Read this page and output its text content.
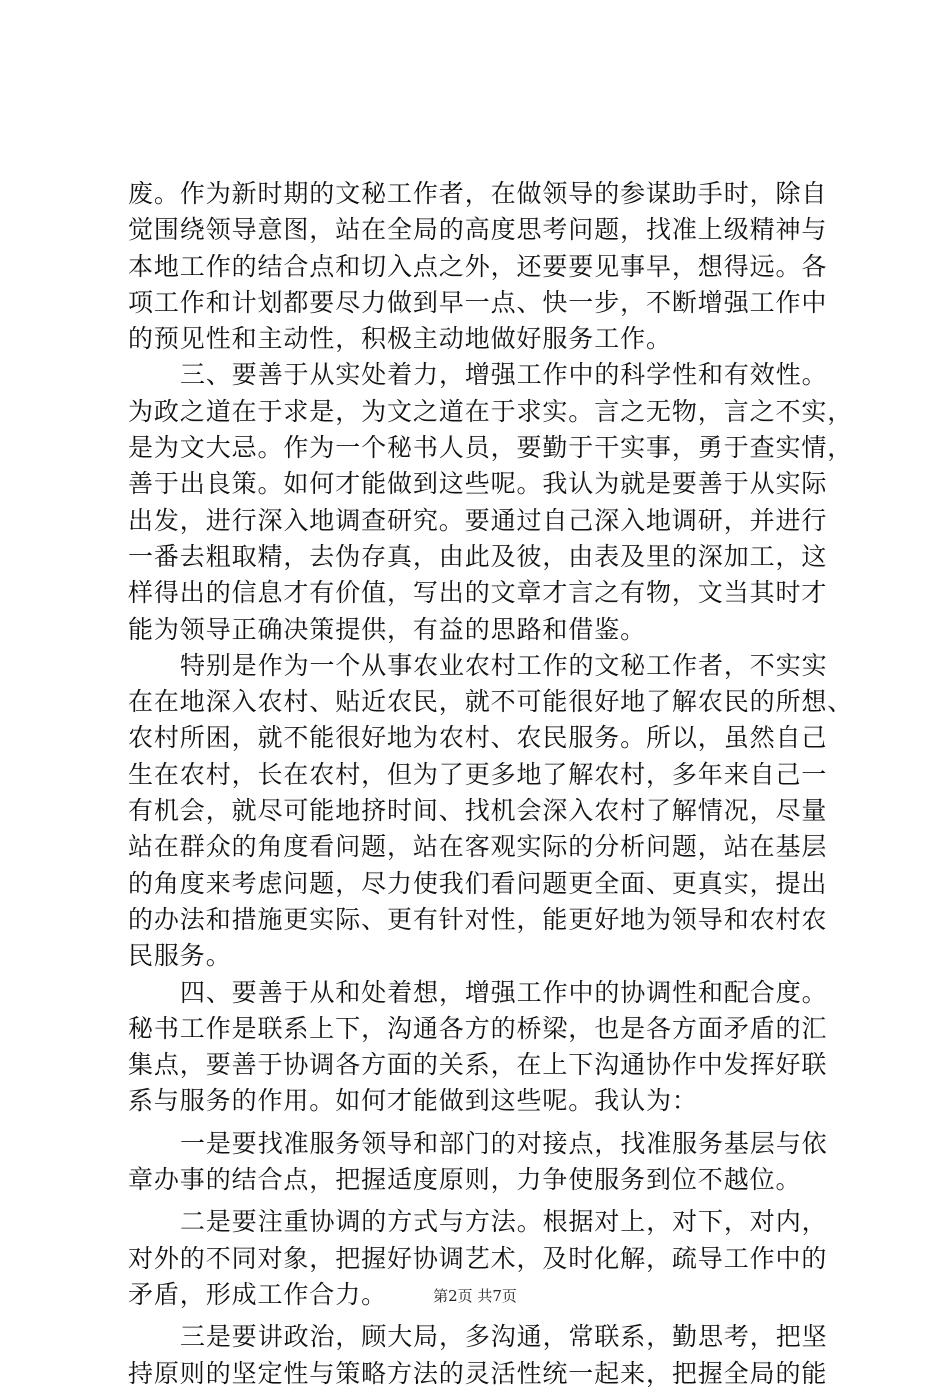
废。作为新时期的文秘工作者，在做领导的参谋助手时，除自
觉围绕领导意图，站在全局的高度思考问题，找准上级精神与
本地工作的结合点和切入点之外，还要要见事早，想得远。各
项工作和计划都要尽力做到早一点、快一步，不断增强工作中
的预见性和主动性，积极主动地做好服务工作。
三、要善于从实处着力，增强工作中的科学性和有效性。
为政之道在于求是，为文之道在于求实。言之无物，言之不实，
是为文大忌。作为一个秘书人员，要勤于干实事，勇于查实情，
善于出良策。如何才能做到这些呢。我认为就是要善于从实际
出发，进行深入地调查研究。要通过自己深入地调研，并进行
一番去粗取精，去伪存真，由此及彼，由表及里的深加工，这
样得出的信息才有价值，写出的文章才言之有物，文当其时才
能为领导正确决策提供，有益的思路和借鉴。
特别是作为一个从事农业农村工作的文秘工作者，不实实
在在地深入农村、贴近农民，就不可能很好地了解农民的所想、
农村所困，就不能很好地为农村、农民服务。所以，虽然自己
生在农村，长在农村，但为了更多地了解农村，多年来自己一
有机会，就尽可能地挤时间、找机会深入农村了解情况，尽量
站在群众的角度看问题，站在客观实际的分析问题，站在基层
的角度来考虑问题，尽力使我们看问题更全面、更真实，提出
的办法和措施更实际、更有针对性，能更好地为领导和农村农
民服务。
四、要善于从和处着想，增强工作中的协调性和配合度。
秘书工作是联系上下，沟通各方的桥梁，也是各方面矛盾的汇
集点，要善于协调各方面的关系，在上下沟通协作中发挥好联
系与服务的作用。如何才能做到这些呢。我认为：
一是要找准服务领导和部门的对接点，找准服务基层与依
章办事的结合点，把握适度原则，力争使服务到位不越位。
二是要注重协调的方式与方法。根据对上，对下，对内，
对外的不同对象，把握好协调艺术，及时化解，疏导工作中的
矛盾，形成工作合力。
三是要讲政治，顾大局，多沟通，常联系，勤思考，把坚
持原则的坚定性与策略方法的灵活性统一起来，把握全局的能
第2页 共7页
